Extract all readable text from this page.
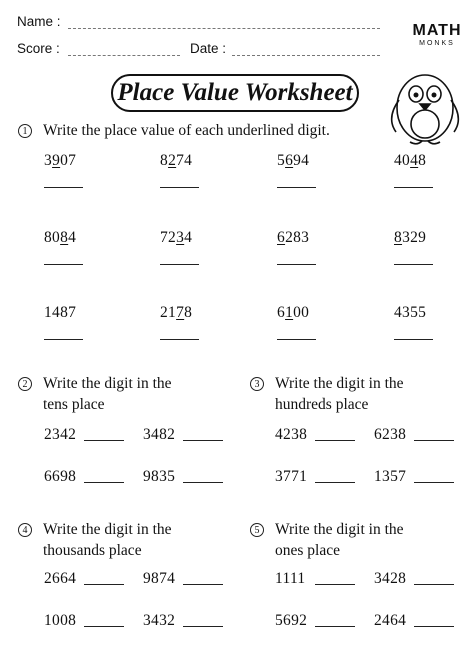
Name :
Score :	Date :
MATH
MONKS
Place Value Worksheet
1 Write the place value of each underlined digit.
3907	8274	5694	4048
8084	7234	6283	8329
1487	2178	6100	4355
2 Write the digit in the
tens place
3 Write the digit in the
hundreds place
4 Write the digit in the
thousands place
5 Write the digit in the
ones place
2342	3482
6698	9835
4238	6238
3771	1357
2664	9874
1008	3432
1111	3428
5692	2464
